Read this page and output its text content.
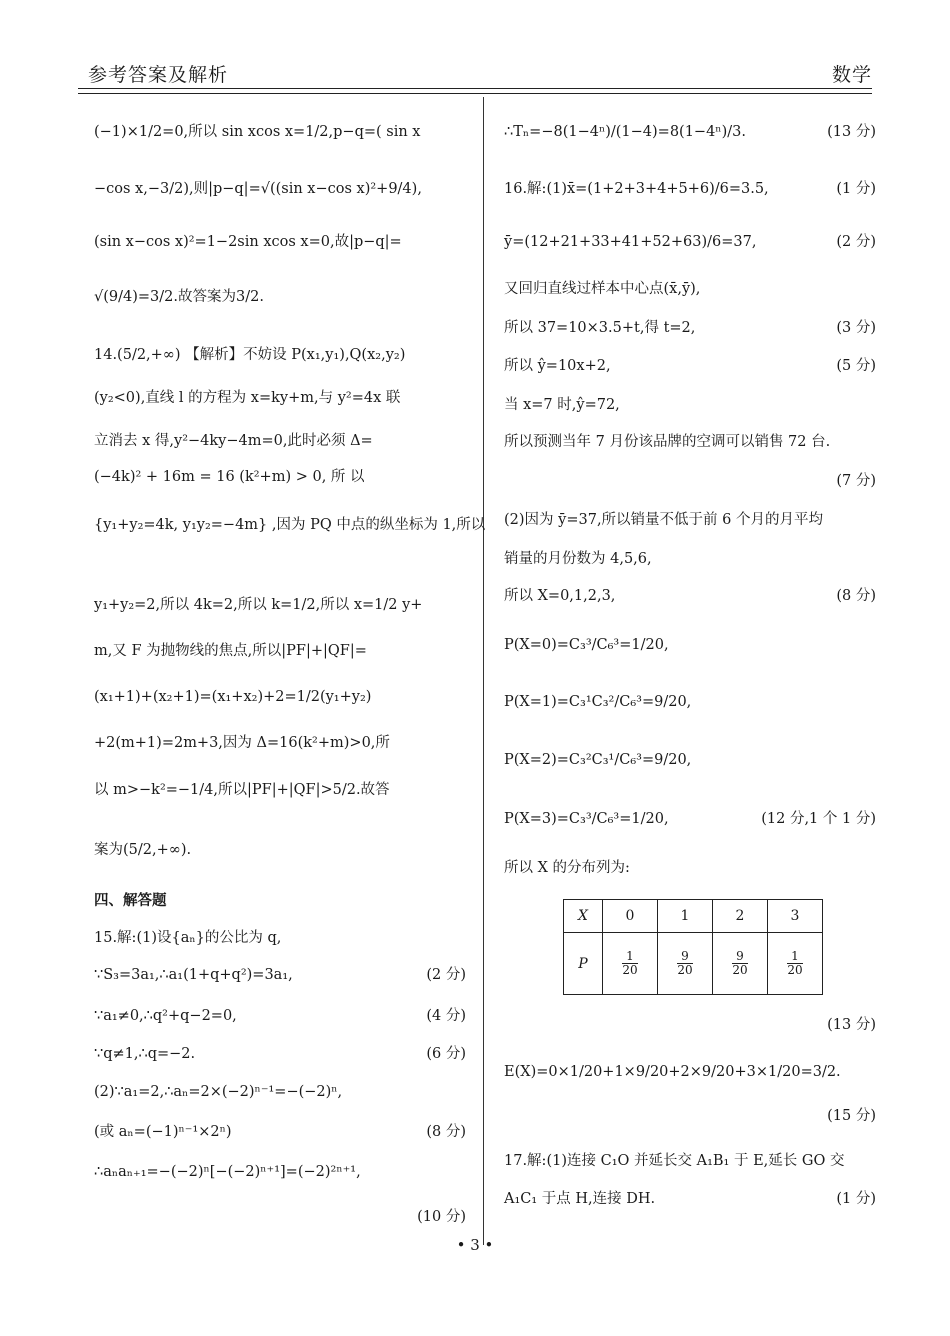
参考答案及解析	数学
(−1)×1/2=0,所以 sin xcos x=1/2,p−q=( sin x
−cos x,−3/2),则|p−q|=√((sin x−cos x)²+9/4),
(sin x−cos x)²=1−2sin xcos x=0,故|p−q|=
√(9/4)=3/2.故答案为3/2.
14.(5/2,+∞) 【解析】不妨设 P(x₁,y₁),Q(x₂,y₂)
(y₂<0),直线 l 的方程为 x=ky+m,与 y²=4x 联
立消去 x 得,y²−4ky−4m=0,此时必须 Δ=
(−4k)² + 16m = 16 (k²+m) > 0, 所 以
{y₁+y₂=4k, y₁y₂=−4m} ,因为 PQ 中点的纵坐标为 1,所以
y₁+y₂=2,所以 4k=2,所以 k=1/2,所以 x=1/2 y+
m,又 F 为抛物线的焦点,所以|PF|+|QF|=
(x₁+1)+(x₂+1)=(x₁+x₂)+2=1/2(y₁+y₂)
+2(m+1)=2m+3,因为 Δ=16(k²+m)>0,所
以 m>−k²=−1/4,所以|PF|+|QF|>5/2.故答
案为(5/2,+∞).
四、解答题
15.解:(1)设{aₙ}的公比为 q,
∵S₃=3a₁,∴a₁(1+q+q²)=3a₁,	(2 分)
∵a₁≠0,∴q²+q−2=0,	(4 分)
∵q≠1,∴q=−2.	(6 分)
(2)∵a₁=2,∴aₙ=2×(−2)ⁿ⁻¹=−(−2)ⁿ,
(或 aₙ=(−1)ⁿ⁻¹×2ⁿ)	(8 分)
∴aₙaₙ₊₁=−(−2)ⁿ[−(−2)ⁿ⁺¹]=(−2)²ⁿ⁺¹,
(10 分)
∴Tₙ=−8(1−4ⁿ)/(1−4)=8(1−4ⁿ)/3.	(13 分)
16.解:(1)x̄=(1+2+3+4+5+6)/6=3.5,	(1 分)
ȳ=(12+21+33+41+52+63)/6=37,	(2 分)
又回归直线过样本中心点(x̄,ȳ),
所以 37=10×3.5+t,得 t=2,	(3 分)
所以 ŷ=10x+2,	(5 分)
当 x=7 时,ŷ=72,
所以预测当年 7 月份该品牌的空调可以销售 72 台.
(7 分)
(2)因为 ȳ=37,所以销量不低于前 6 个月的月平均
销量的月份数为 4,5,6,
所以 X=0,1,2,3,	(8 分)
P(X=0)=C₃³/C₆³=1/20,
P(X=1)=C₃¹C₃²/C₆³=9/20,
P(X=2)=C₃²C₃¹/C₆³=9/20,
P(X=3)=C₃³/C₆³=1/20,	(12 分,1 个 1 分)
所以 X 的分布列为:
(13 分)
E(X)=0×1/20+1×9/20+2×9/20+3×1/20=3/2.
(15 分)
17.解:(1)连接 C₁O 并延长交 A₁B₁ 于 E,延长 GO 交
A₁C₁ 于点 H,连接 DH.	(1 分)
X	0	1	2	3
P	$\frac{1}{20}$	$\frac{9}{20}$	$\frac{9}{20}$	$\frac{1}{20}$
• 3 •
